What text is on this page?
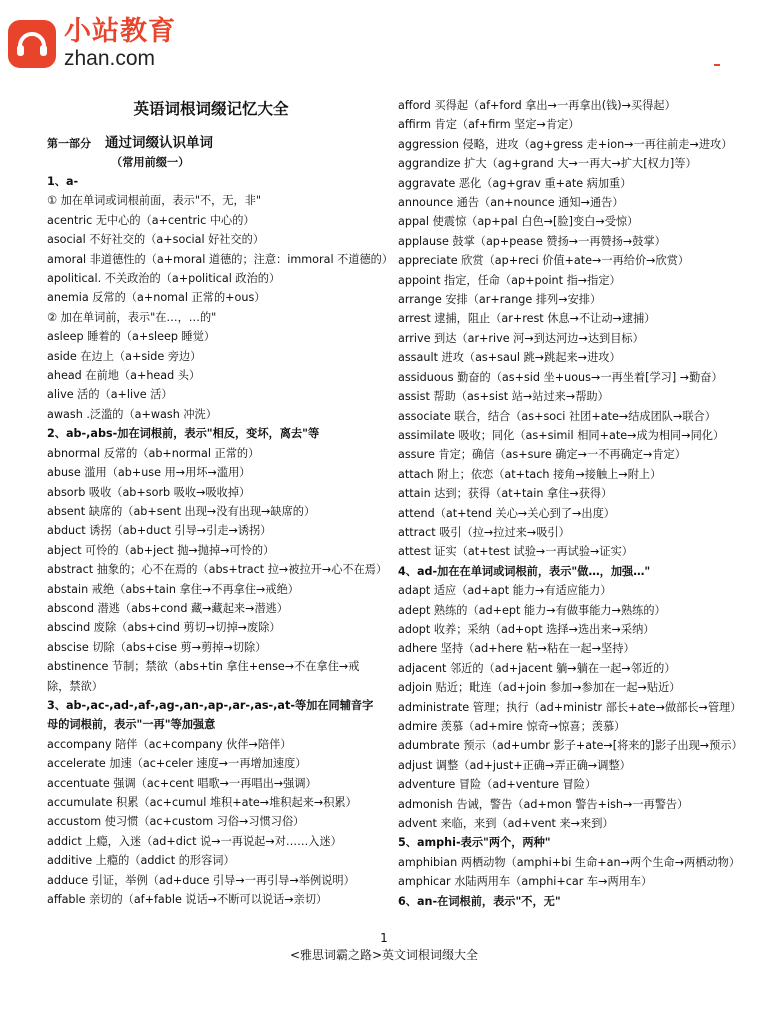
小站教育
zhan.com
英语词根词缀记忆大全
第一部分	通过词缀认识单词
（常用前缀一）
1、a-
① 加在单词或词根前面，表示"不，无，非"
acentric 无中心的（a+centric 中心的）
asocial 不好社交的（a+social 好社交的）
amoral 非道德性的（a+moral 道德的；注意：immoral 不道德的）
apolitical. 不关政治的（a+political 政治的）
anemia 反常的（a+nomal 正常的+ous）
② 加在单词前，表示"在…，…的"
asleep 睡着的（a+sleep 睡觉）
aside 在边上（a+side 旁边）
ahead 在前地（a+head 头）
alive 活的（a+live 活）
awash .泛滥的（a+wash 冲洗）
2、ab-,abs-加在词根前，表示"相反，变坏，离去"等
abnormal 反常的（ab+normal 正常的）
abuse 滥用（ab+use 用→用坏→滥用）
absorb 吸收（ab+sorb 吸收→吸收掉）
absent 缺席的（ab+sent 出现→没有出现→缺席的）
abduct 诱拐（ab+duct 引导→引走→诱拐）
abject 可怜的（ab+ject 抛→抛掉→可怜的）
abstract 抽象的；心不在焉的（abs+tract 拉→被拉开→心不在焉）
abstain 戒绝（abs+tain 拿住→不再拿住→戒绝）
abscond 潜逃（abs+cond 藏→藏起来→潜逃）
abscind 废除（abs+cind 剪切→切掉→废除）
abscise 切除（abs+cise 剪→剪掉→切除）
abstinence 节制；禁欲（abs+tin 拿住+ense→不在拿住→戒除，禁欲）
3、ab-,ac-,ad-,af-,ag-,an-,ap-,ar-,as-,at-等加在同辅音字母的词根前，表示"一再"等加强意
accompany 陪伴（ac+company 伙伴→陪伴）
accelerate 加速（ac+celer 速度→一再增加速度）
accentuate 强调（ac+cent 唱歌→一再唱出→强调）
accumulate 积累（ac+cumul 堆积+ate→堆积起来→积累）
accustom 使习惯（ac+custom 习俗→习惯习俗）
addict 上瘾，入迷（ad+dict 说→一再说起→对……入迷）
additive 上瘾的（addict 的形容词）
adduce 引证，举例（ad+duce 引导→一再引导→举例说明）
affable 亲切的（af+fable 说话→不断可以说话→亲切）
afford 买得起（af+ford 拿出→一再拿出(钱)→买得起）
affirm 肯定（af+firm 坚定→肯定）
aggression 侵略，进攻（ag+gress 走+ion→一再往前走→进攻）
aggrandize 扩大（ag+grand 大→一再大→扩大[权力]等）
aggravate 恶化（ag+grav 重+ate 病加重）
announce 通告（an+nounce 通知→通告）
appal 使震惊（ap+pal 白色→[脸]变白→受惊）
applause 鼓掌（ap+pease 赞扬→一再赞扬→鼓掌）
appreciate 欣赏（ap+reci 价值+ate→一再给价→欣赏）
appoint 指定，任命（ap+point 指→指定）
arrange 安排（ar+range 排列→安排）
arrest 逮捕，阻止（ar+rest 休息→不让动→逮捕）
arrive 到达（ar+rive 河→到达河边→达到目标）
assault 进攻（as+saul 跳→跳起来→进攻）
assiduous 勤奋的（as+sid 坐+uous→一再坐着[学习] →勤奋）
assist 帮助（as+sist 站→站过来→帮助）
associate 联合，结合（as+soci 社团+ate→结成团队→联合）
assimilate 吸收；同化（as+simil 相同+ate→成为相同→同化）
assure 肯定；确信（as+sure 确定→一不再确定→肯定）
attach 附上；依恋（at+tach 接角→接触上→附上）
attain 达到；获得（at+tain 拿住→获得）
attend（at+tend 关心→关心到了→出度）
attract 吸引（拉→拉过来→吸引）
attest 证实（at+test 试验→一再试验→证实）
4、ad-加在在单词或词根前，表示"做…，加强…"
adapt 适应（ad+apt 能力→有适应能力）
adept 熟练的（ad+ept 能力→有做事能力→熟练的）
adopt 收养；采纳（ad+opt 选择→选出来→采纳）
adhere 坚持（ad+here 粘→粘在一起→坚持）
adjacent 邻近的（ad+jacent 躺→躺在一起→邻近的）
adjoin 贴近；毗连（ad+join 参加→参加在一起→贴近）
administrate 管理；执行（ad+ministr 部长+ate→做部长→管理）
admire 羡慕（ad+mire 惊奇→惊喜；羡慕）
adumbrate 预示（ad+umbr 影子+ate→[将来的]影子出现→预示）
adjust 调整（ad+just+正确→弄正确→调整）
adventure 冒险（ad+venture 冒险）
admonish 告诫，警告（ad+mon 警告+ish→一再警告）
advent 来临，来到（ad+vent 来→来到）
5、amphi-表示"两个，两种"
amphibian 两栖动物（amphi+bi 生命+an→两个生命→两栖动物）
amphicar 水陆两用车（amphi+car 车→两用车）
6、an-在词根前，表示"不，无"
1
<雅思词霸之路>英文词根词缀大全
